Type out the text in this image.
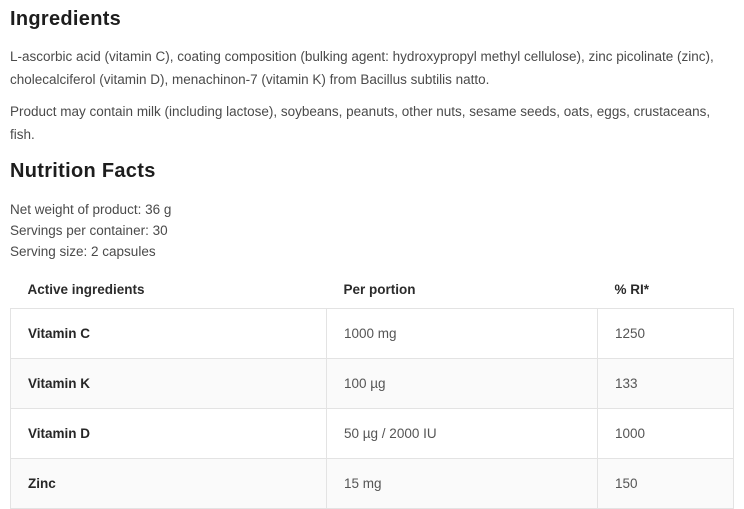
Ingredients

L-ascorbic acid (vitamin C), coating composition (bulking agent: hydroxypropyl methyl cellulose), zinc picolinate (zinc), cholecalciferol (vitamin D), menachinon-7 (vitamin K) from Bacillus subtilis natto.

Product may contain milk (including lactose), soybeans, peanuts, other nuts, sesame seeds, oats, eggs, crustaceans, fish.

Nutrition Facts

Net weight of product: 36 g

Servings per container: 30

Serving size: 2 capsules

Active ingredients	Per portion	% RI*
Vitamin C	1000 mg	1250
Vitamin K	100 µg	133
Vitamin D	50 µg / 2000 IU	1000
Zinc	15 mg	150
